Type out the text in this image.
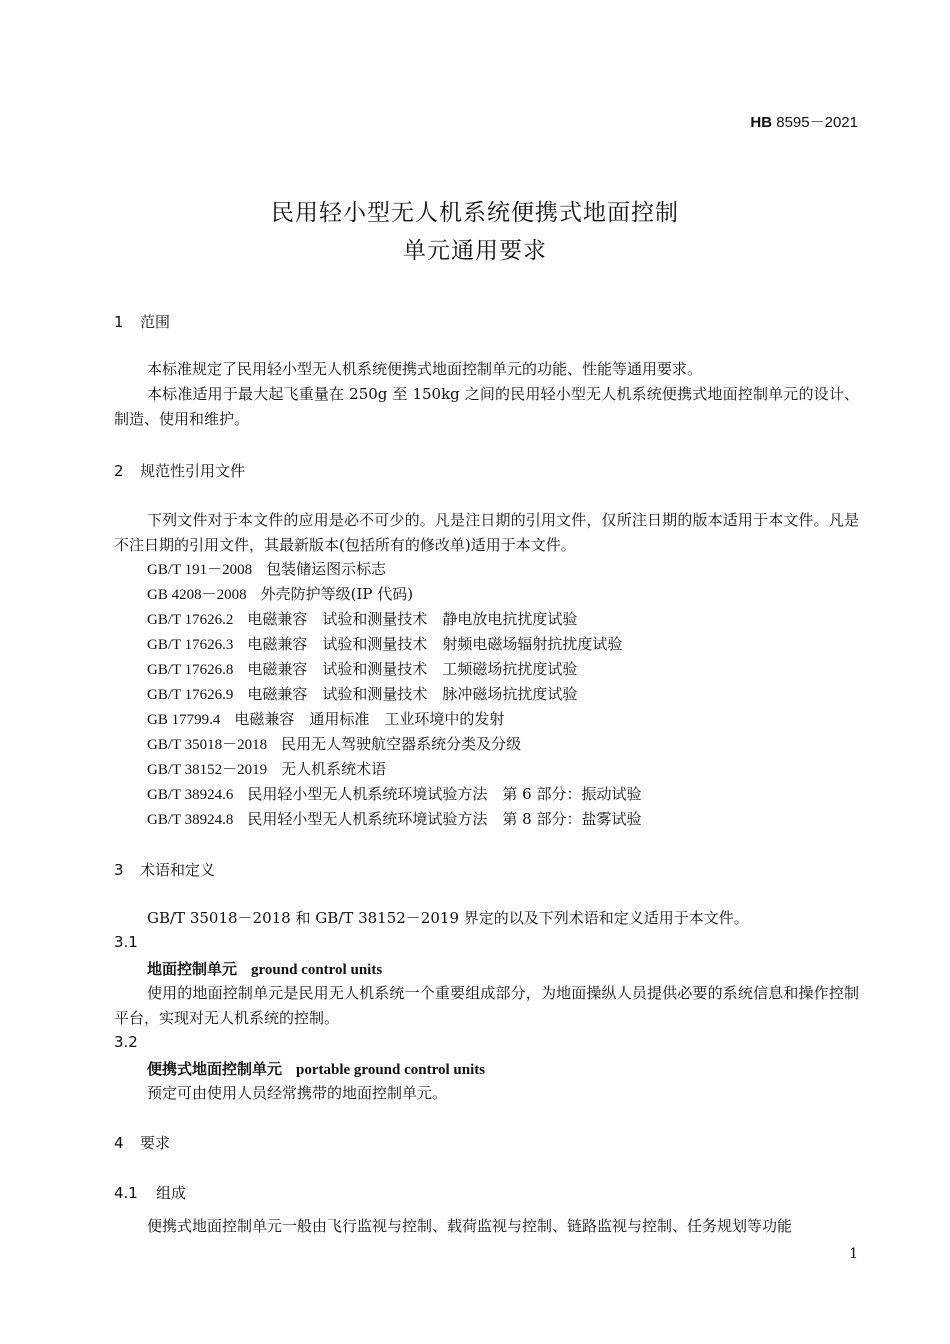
HB 8595－2021
民用轻小型无人机系统便携式地面控制
单元通用要求
1 范围
本标准规定了民用轻小型无人机系统便携式地面控制单元的功能、性能等通用要求。
本标准适用于最大起飞重量在 250g 至 150kg 之间的民用轻小型无人机系统便携式地面控制单元的设计、制造、使用和维护。
2 规范性引用文件
下列文件对于本文件的应用是必不可少的。凡是注日期的引用文件，仅所注日期的版本适用于本文件。凡是不注日期的引用文件，其最新版本(包括所有的修改单)适用于本文件。
GB/T 191－2008 包装储运图示标志
GB 4208－2008 外壳防护等级(IP 代码)
GB/T 17626.2 电磁兼容　试验和测量技术　静电放电抗扰度试验
GB/T 17626.3 电磁兼容　试验和测量技术　射频电磁场辐射抗扰度试验
GB/T 17626.8 电磁兼容　试验和测量技术　工频磁场抗扰度试验
GB/T 17626.9 电磁兼容　试验和测量技术　脉冲磁场抗扰度试验
GB 17799.4 电磁兼容　通用标准　工业环境中的发射
GB/T 35018－2018 民用无人驾驶航空器系统分类及分级
GB/T 38152－2019 无人机系统术语
GB/T 38924.6 民用轻小型无人机系统环境试验方法　第 6 部分：振动试验
GB/T 38924.8 民用轻小型无人机系统环境试验方法　第 8 部分：盐雾试验
3 术语和定义
GB/T 35018－2018 和 GB/T 38152－2019 界定的以及下列术语和定义适用于本文件。
3.1
地面控制单元 ground control units
使用的地面控制单元是民用无人机系统一个重要组成部分，为地面操纵人员提供必要的系统信息和操作控制平台，实现对无人机系统的控制。
3.2
便携式地面控制单元 portable ground control units
预定可由使用人员经常携带的地面控制单元。
4 要求
4.1 组成
便携式地面控制单元一般由飞行监视与控制、载荷监视与控制、链路监视与控制、任务规划等功能
1
